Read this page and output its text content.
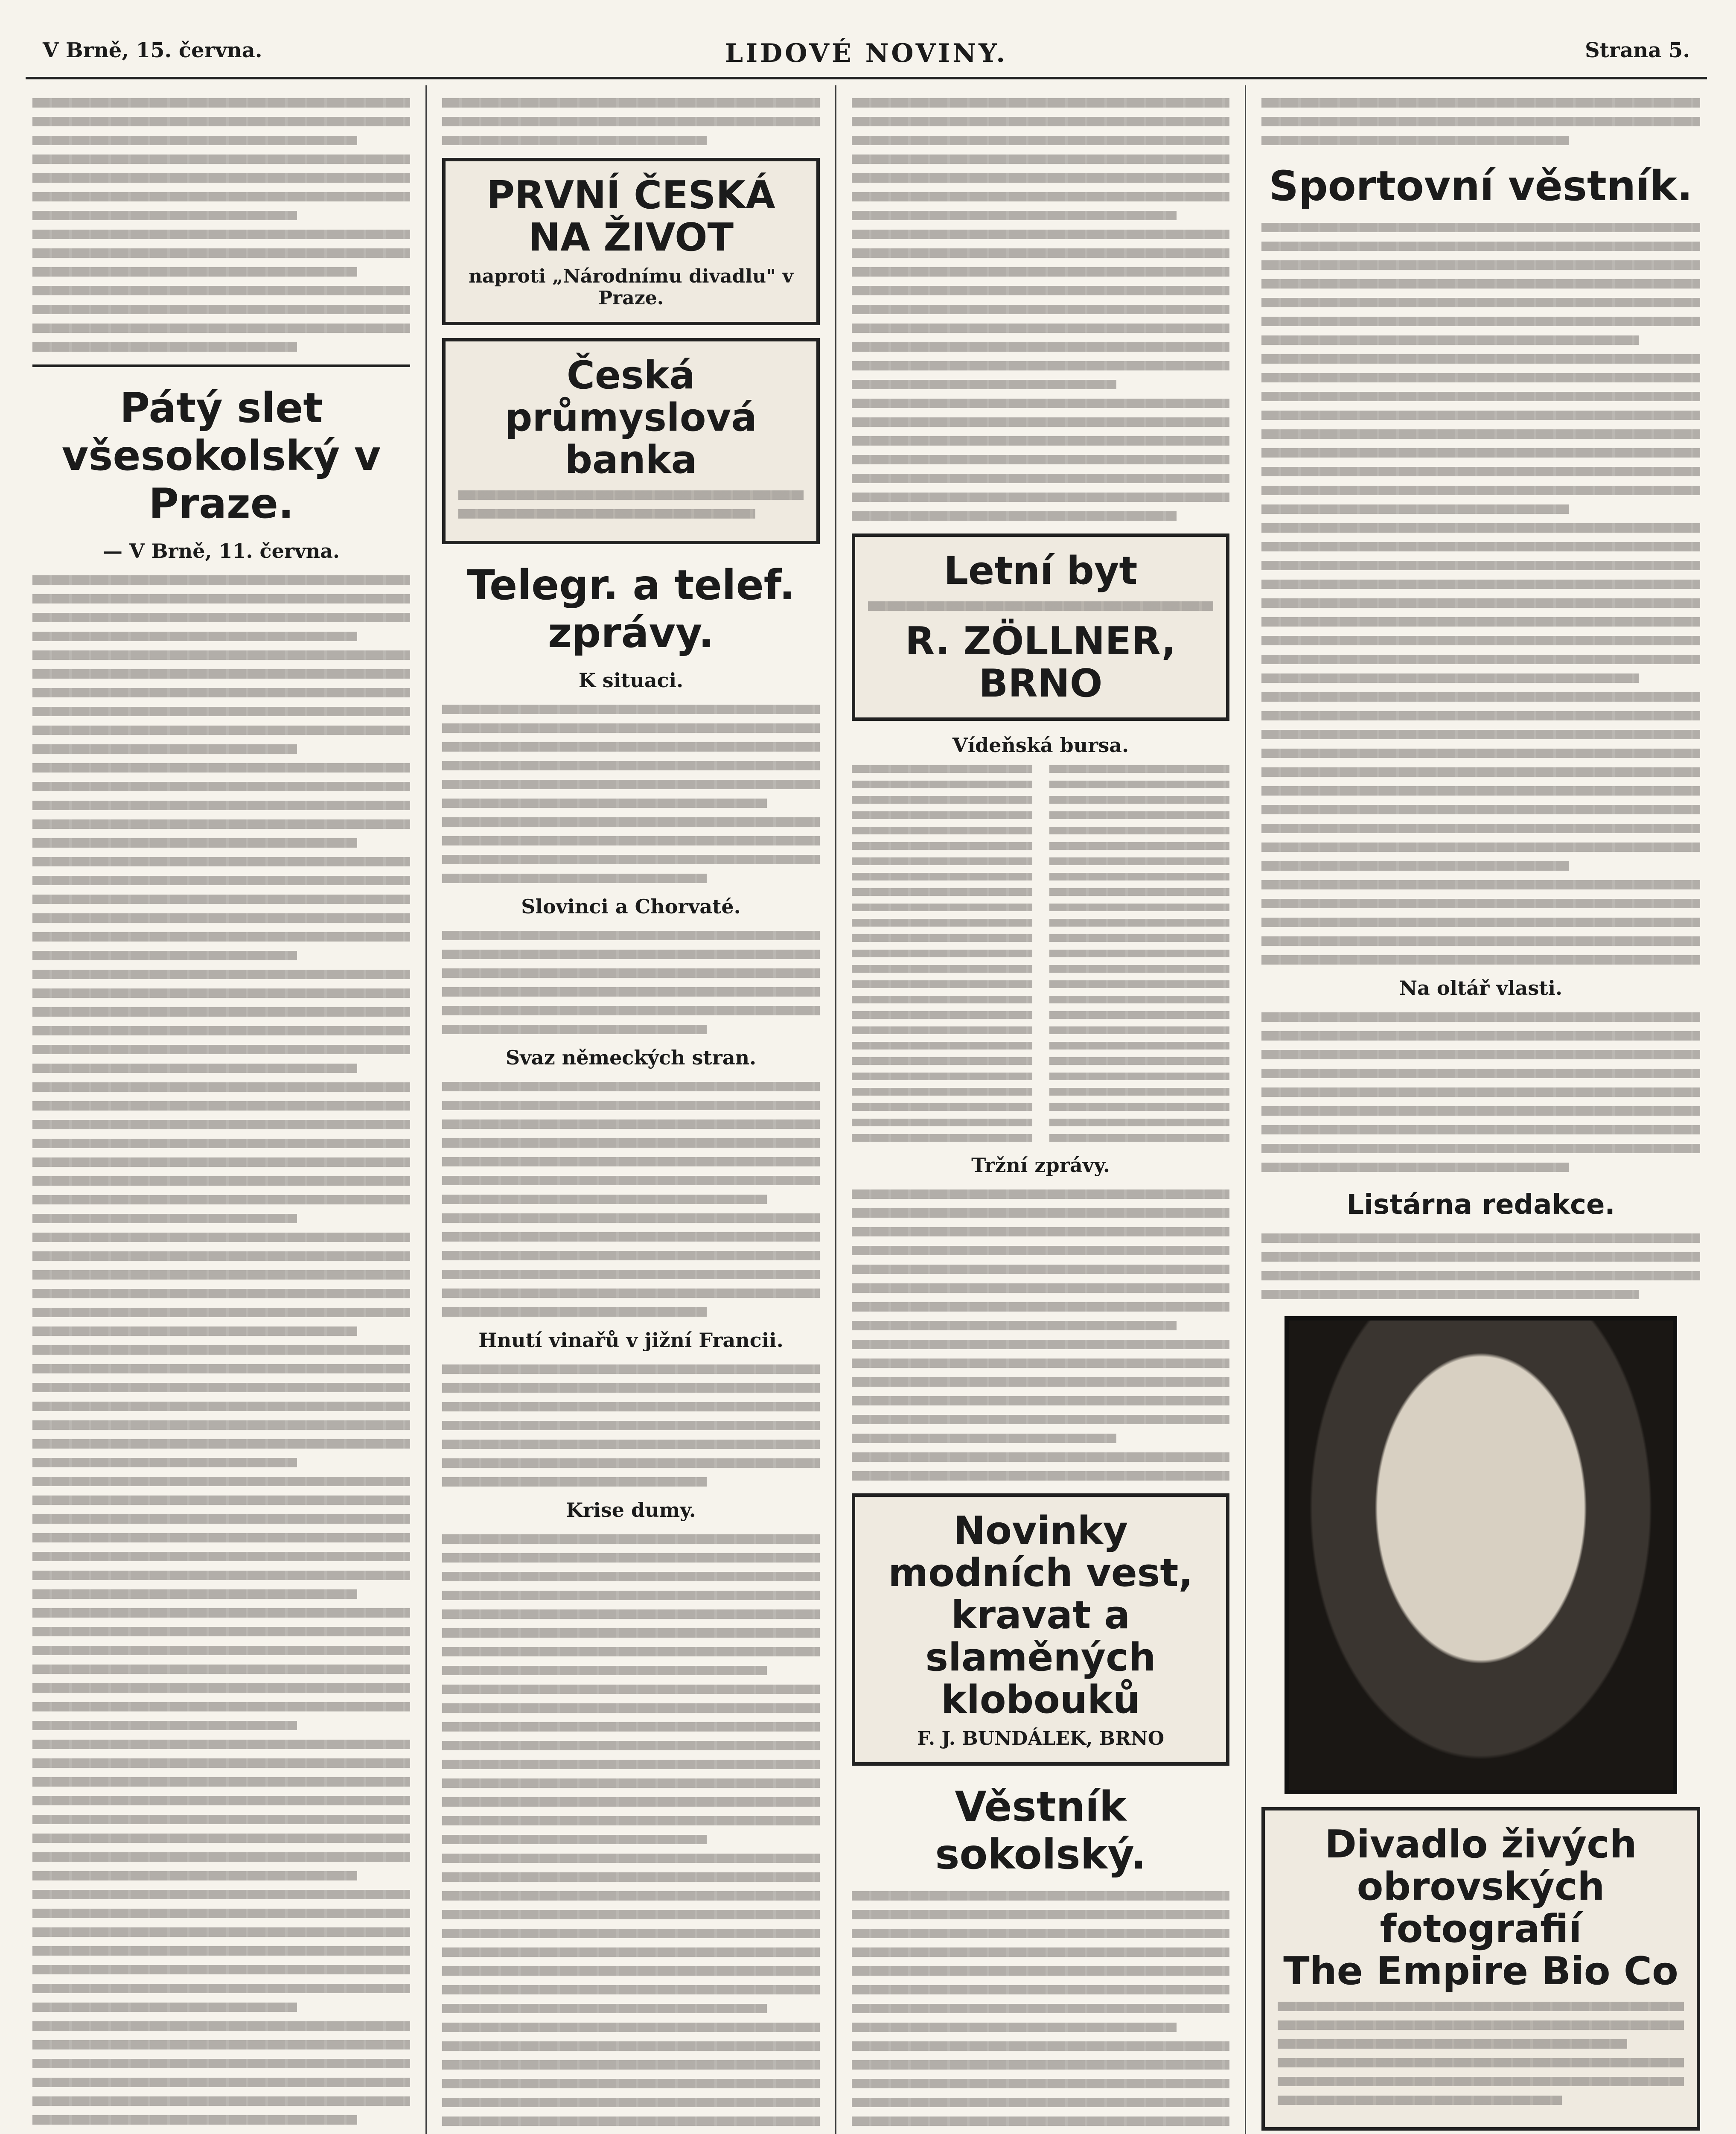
V Brně, 15. června.	LIDOVÉ NOVINY.	Strana 5.
Pátý slet všesokolský v Praze.
— V Brně, 11. června.
PRVNÍ ČESKÁ NA ŽIVOT
naproti „Národnímu divadlu" v Praze.
Česká průmyslová banka
Telegr. a telef. zprávy.
K situaci.
Slovinci a Chorvaté.
Svaz německých stran.
Hnutí vinařů v jižní Francii.
Krise dumy.
Letní byt
R. ZÖLLNER, BRNO
Vídeňská bursa.
Tržní zprávy.
Novinky modních vest, kravat a slaměných klobouků
F. J. BUNDÁLEK, BRNO
Věstník sokolský.
Sportovní věstník.
Na oltář vlasti.
Listárna redakce.
Divadlo živých obrovských fotografií
The Empire Bio Co
